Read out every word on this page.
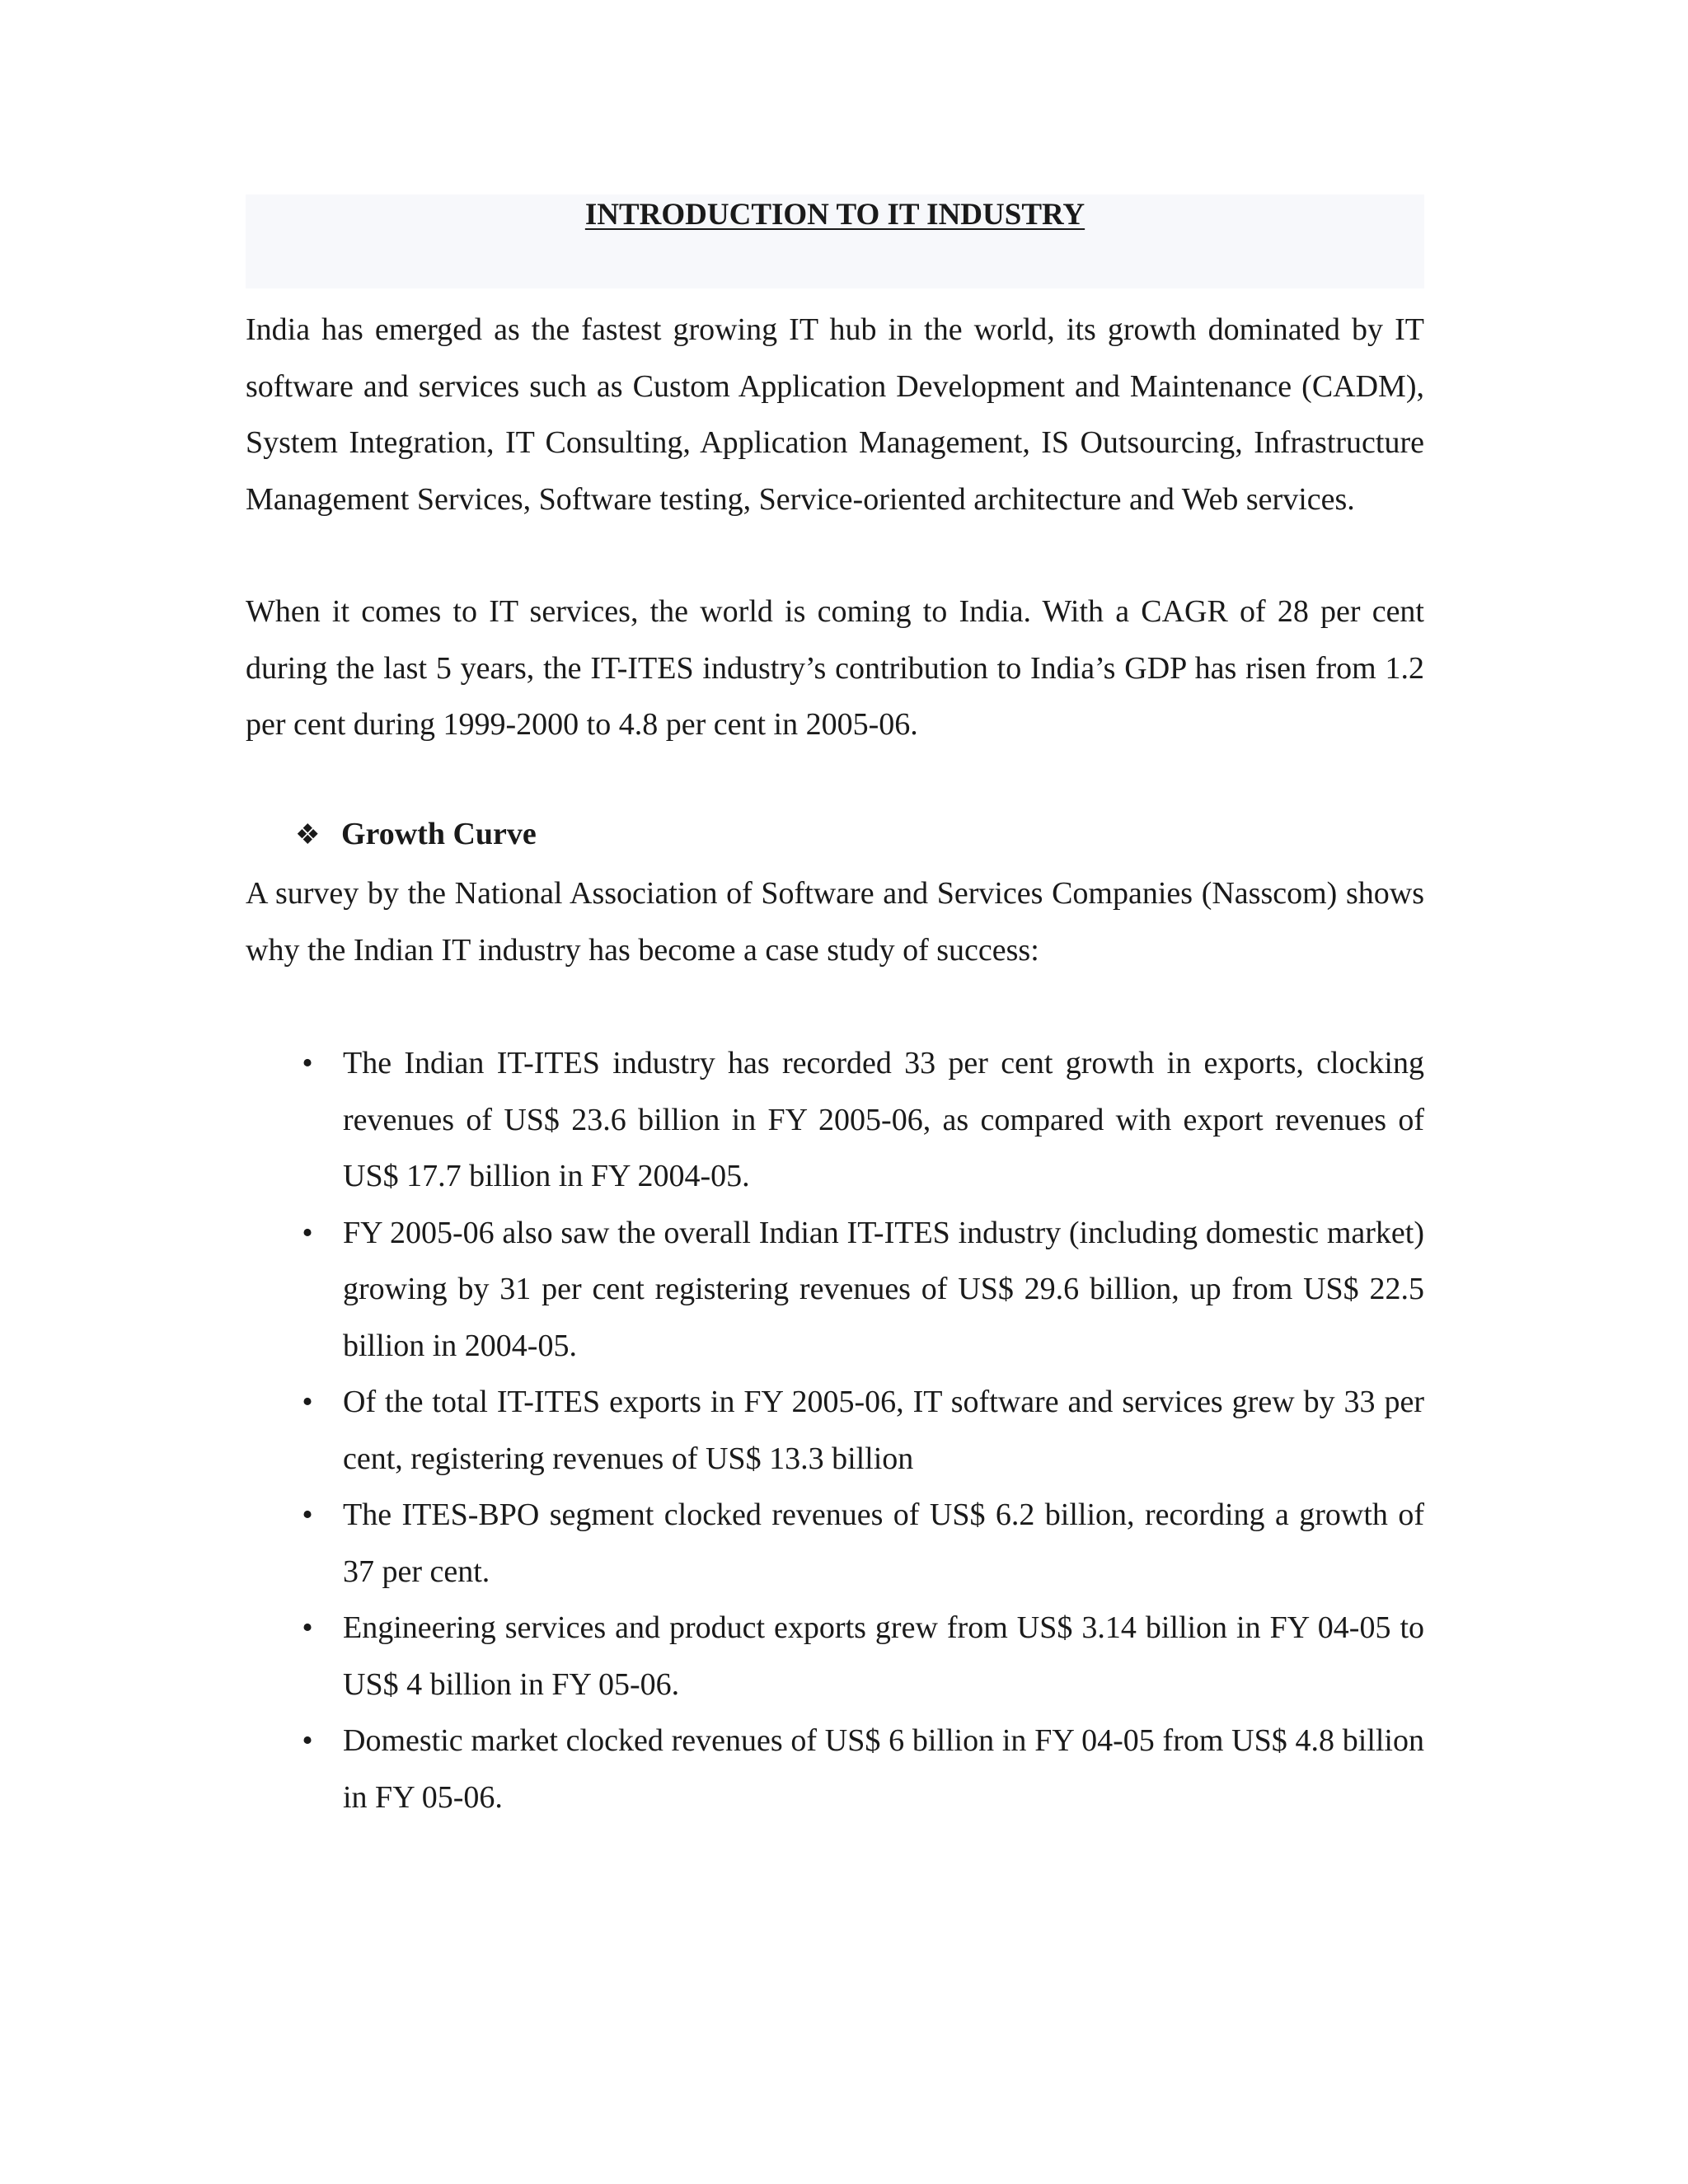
INTRODUCTION TO IT INDUSTRY
India has emerged as the fastest growing IT hub in the world, its growth dominated by IT software and services such as Custom Application Development and Maintenance (CADM), System Integration, IT Consulting, Application Management, IS Outsourcing, Infrastructure Management Services, Software testing, Service-oriented architecture and Web services.
When it comes to IT services, the world is coming to India. With a CAGR of 28 per cent during the last 5 years, the IT-ITES industry’s contribution to India’s GDP has risen from 1.2 per cent during 1999-2000 to 4.8 per cent in 2005-06.
❖ Growth Curve
A survey by the National Association of Software and Services Companies (Nasscom) shows why the Indian IT industry has become a case study of success:
• The Indian IT-ITES industry has recorded 33 per cent growth in exports, clocking revenues of US$ 23.6 billion in FY 2005-06, as compared with export revenues of US$ 17.7 billion in FY 2004-05.
• FY 2005-06 also saw the overall Indian IT-ITES industry (including domestic market) growing by 31 per cent registering revenues of US$ 29.6 billion, up from US$ 22.5 billion in 2004-05.
• Of the total IT-ITES exports in FY 2005-06, IT software and services grew by 33 per cent, registering revenues of US$ 13.3 billion
• The ITES-BPO segment clocked revenues of US$ 6.2 billion, recording a growth of 37 per cent.
• Engineering services and product exports grew from US$ 3.14 billion in FY 04-05 to US$ 4 billion in FY 05-06.
• Domestic market clocked revenues of US$ 6 billion in FY 04-05 from US$ 4.8 billion in FY 05-06.
